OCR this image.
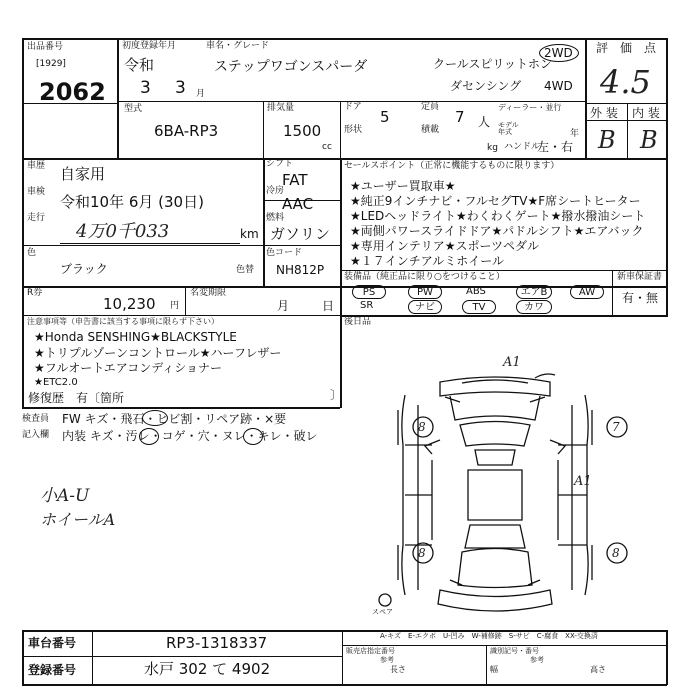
出品番号
[1929]
2062
初度登録年月	車名・グレード
令和
3 3 月
ステップワゴンスパーダ	クールスピリットホン
ダセンシング
2WD
4WD
評　価　点
4.5
外 装 内 装
B B
型式
6BA-RP3
排気量
1500
cc
ドア
5
定員
7 人
形状	積載
kg
ディーラー・並行
モデル年式	年
ハンドル
左・右
車歴 自家用
車検
令和10年 6月 (30日)
走行
4万0千033	km
シフト
FAT
冷房
AAC
燃料
ガソリン
色
ブラック	色替
色コード
NH812P
R券
10,230 円
名変期限
月	日
セールスポイント（正常に機能するものに限ります）
★ユーザー買取車★
★純正9インチナビ・フルセグTV★F席シートヒーター
★LEDヘッドライト★わくわくゲート★撥水撥油シート
★両側パワースライドドア★パドルシフト★エアバック
★専用インテリア★スポーツペダル
★１７インチアルミホイール
装備品（純正品に限り○をつけること）	新車保証書
有・無
PS	PW	ABS	エアB	AW
SR	ナビ	TV	カワ
注意事項等（申告書に該当する事項に限らず下さい）
★Honda SENSHING★BLACKSTYLE
★トリプルゾーンコントロール★ハーフレザー
★フルオートエアコンディショナー
★ETC2.0
修復歴　有〔箇所	〕
後日品
検査員
記入欄
FW キズ・飛石・ヒビ割・リペア跡・×要
内装 キズ・汚レ・コゲ・穴・ヌレ・キレ・破レ
小A-U
ホイールA
A1
8	7
A1
8	8
スペア
A-キズ　E-エクボ　U-凹み　W-補修跡　S-サビ　C-腐食　XX-交換済
車台番号	RP3-1318337
登録番号	水戸 302 て 4902
販売店指定番号
参考
識別記号・番号
参考
長さ	幅	高さ
